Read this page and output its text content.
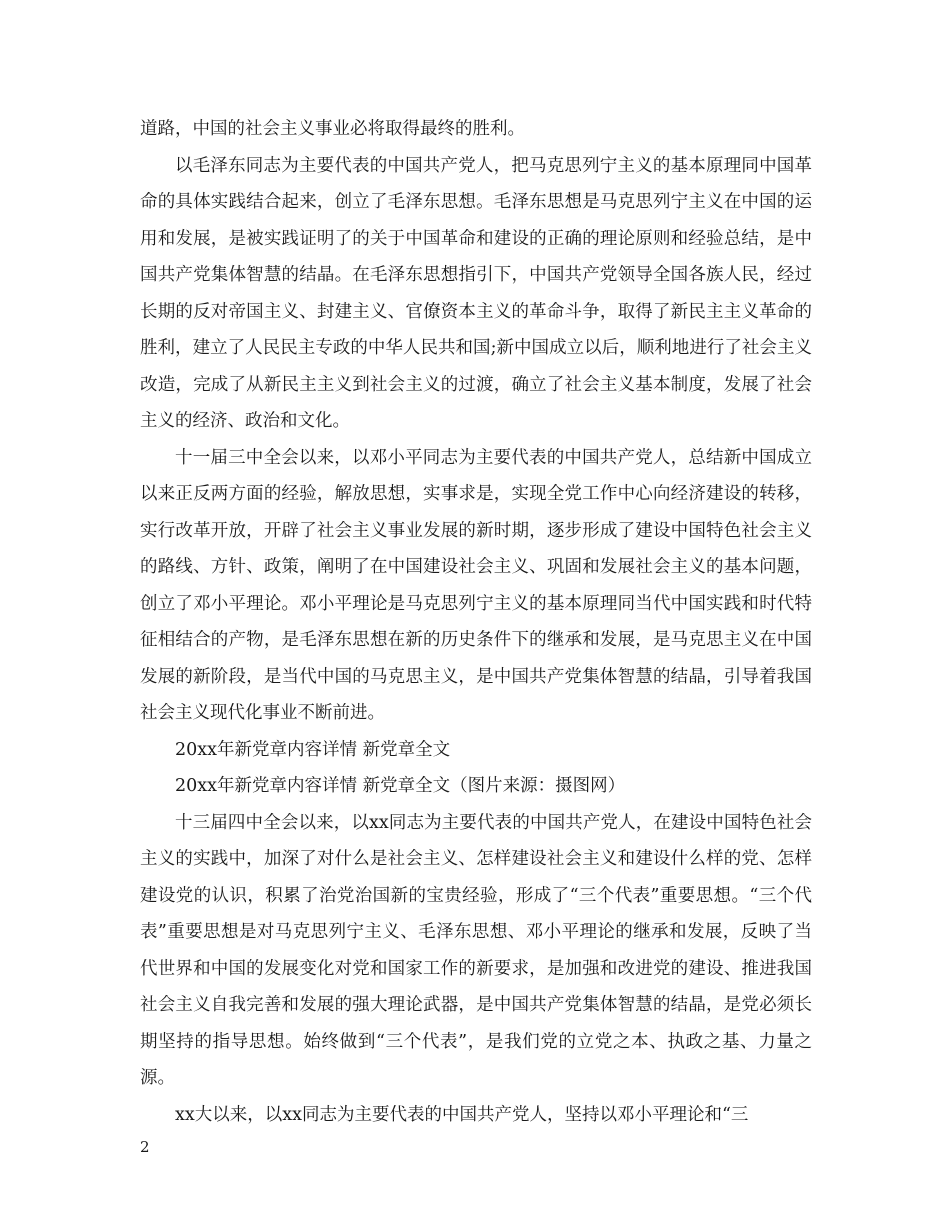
道路，中国的社会主义事业必将取得最终的胜利。

以毛泽东同志为主要代表的中国共产党人，把马克思列宁主义的基本原理同中国革命的具体实践结合起来，创立了毛泽东思想。毛泽东思想是马克思列宁主义在中国的运用和发展，是被实践证明了的关于中国革命和建设的正确的理论原则和经验总结，是中国共产党集体智慧的结晶。在毛泽东思想指引下，中国共产党领导全国各族人民，经过长期的反对帝国主义、封建主义、官僚资本主义的革命斗争，取得了新民主主义革命的胜利，建立了人民民主专政的中华人民共和国;新中国成立以后，顺利地进行了社会主义改造，完成了从新民主主义到社会主义的过渡，确立了社会主义基本制度，发展了社会主义的经济、政治和文化。

十一届三中全会以来，以邓小平同志为主要代表的中国共产党人，总结新中国成立以来正反两方面的经验，解放思想，实事求是，实现全党工作中心向经济建设的转移，实行改革开放，开辟了社会主义事业发展的新时期，逐步形成了建设中国特色社会主义的路线、方针、政策，阐明了在中国建设社会主义、巩固和发展社会主义的基本问题，创立了邓小平理论。邓小平理论是马克思列宁主义的基本原理同当代中国实践和时代特征相结合的产物，是毛泽东思想在新的历史条件下的继承和发展，是马克思主义在中国发展的新阶段，是当代中国的马克思主义，是中国共产党集体智慧的结晶，引导着我国社会主义现代化事业不断前进。

20xx年新党章内容详情 新党章全文

20xx年新党章内容详情 新党章全文（图片来源：摄图网）

十三届四中全会以来，以xx同志为主要代表的中国共产党人，在建设中国特色社会主义的实践中，加深了对什么是社会主义、怎样建设社会主义和建设什么样的党、怎样建设党的认识，积累了治党治国新的宝贵经验，形成了“三个代表”重要思想。“三个代表”重要思想是对马克思列宁主义、毛泽东思想、邓小平理论的继承和发展，反映了当代世界和中国的发展变化对党和国家工作的新要求，是加强和改进党的建设、推进我国社会主义自我完善和发展的强大理论武器，是中国共产党集体智慧的结晶，是党必须长期坚持的指导思想。始终做到“三个代表”，是我们党的立党之本、执政之基、力量之源。

xx大以来，以xx同志为主要代表的中国共产党人，坚持以邓小平理论和“三

2
